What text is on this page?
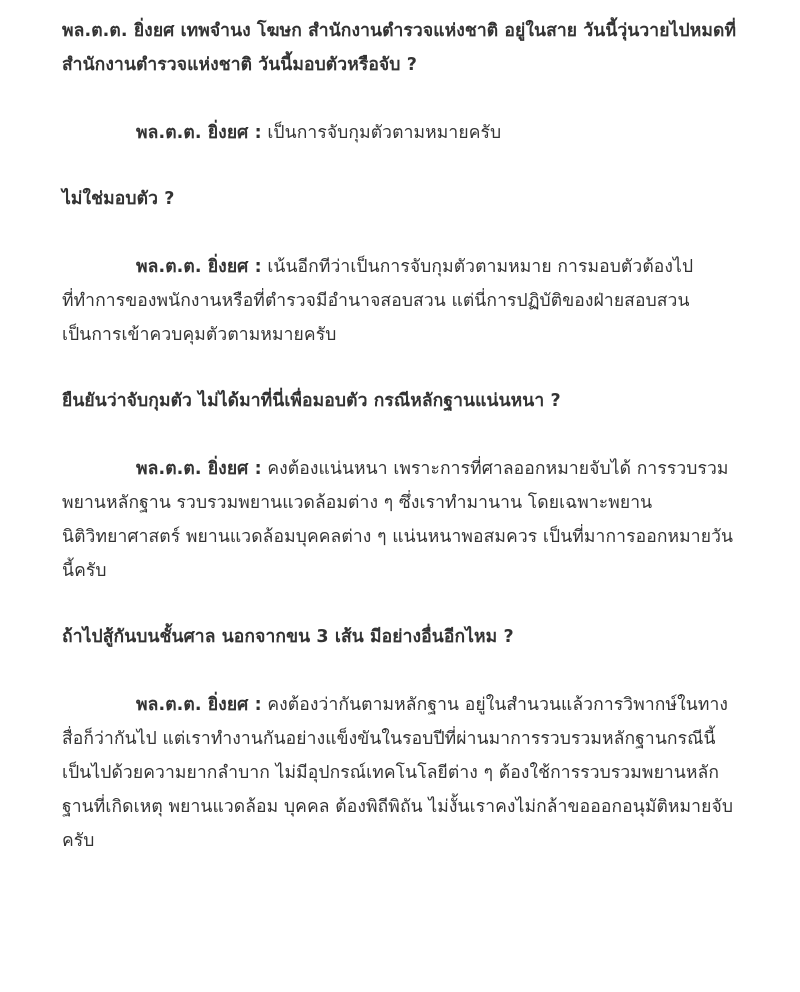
พล.ต.ต. ยิ่งยศ เทพจำนง โฆษก สำนักงานตำรวจแห่งชาติ อยู่ในสาย วันนี้วุ่นวายไปหมดที่สำนักงานตำรวจแห่งชาติ วันนี้มอบตัวหรือจับ ?

พล.ต.ต. ยิ่งยศ : เป็นการจับกุมตัวตามหมายครับ

ไม่ใช่มอบตัว ?

พล.ต.ต. ยิ่งยศ : เน้นอีกทีว่าเป็นการจับกุมตัวตามหมาย การมอบตัวต้องไปที่ทำการของพนักงานหรือที่ตำรวจมีอำนาจสอบสวน แต่นี่การปฏิบัติของฝ่ายสอบสวนเป็นการเข้าควบคุมตัวตามหมายครับ

ยืนยันว่าจับกุมตัว ไม่ได้มาที่นี่เพื่อมอบตัว กรณีหลักฐานแน่นหนา ?

พล.ต.ต. ยิ่งยศ : คงต้องแน่นหนา เพราะการที่ศาลออกหมายจับได้ การรวบรวมพยานหลักฐาน รวบรวมพยานแวดล้อมต่าง ๆ ซึ่งเราทำมานาน โดยเฉพาะพยานนิติวิทยาศาสตร์ พยานแวดล้อมบุคคลต่าง ๆ แน่นหนาพอสมควร เป็นที่มาการออกหมายวันนี้ครับ

ถ้าไปสู้กันบนชั้นศาล นอกจากขน 3 เส้น มีอย่างอื่นอีกไหม ?

พล.ต.ต. ยิ่งยศ : คงต้องว่ากันตามหลักฐาน อยู่ในสำนวนแล้วการวิพากษ์ในทางสื่อก็ว่ากันไป แต่เราทำงานกันอย่างแข็งขันในรอบปีที่ผ่านมาการรวบรวมหลักฐานกรณีนี้เป็นไปด้วยความยากลำบาก ไม่มีอุปกรณ์เทคโนโลยีต่าง ๆ ต้องใช้การรวบรวมพยานหลักฐานที่เกิดเหตุ พยานแวดล้อม บุคคล ต้องพิถีพิถัน ไม่งั้นเราคงไม่กล้าขอออกอนุมัติหมายจับครับ
